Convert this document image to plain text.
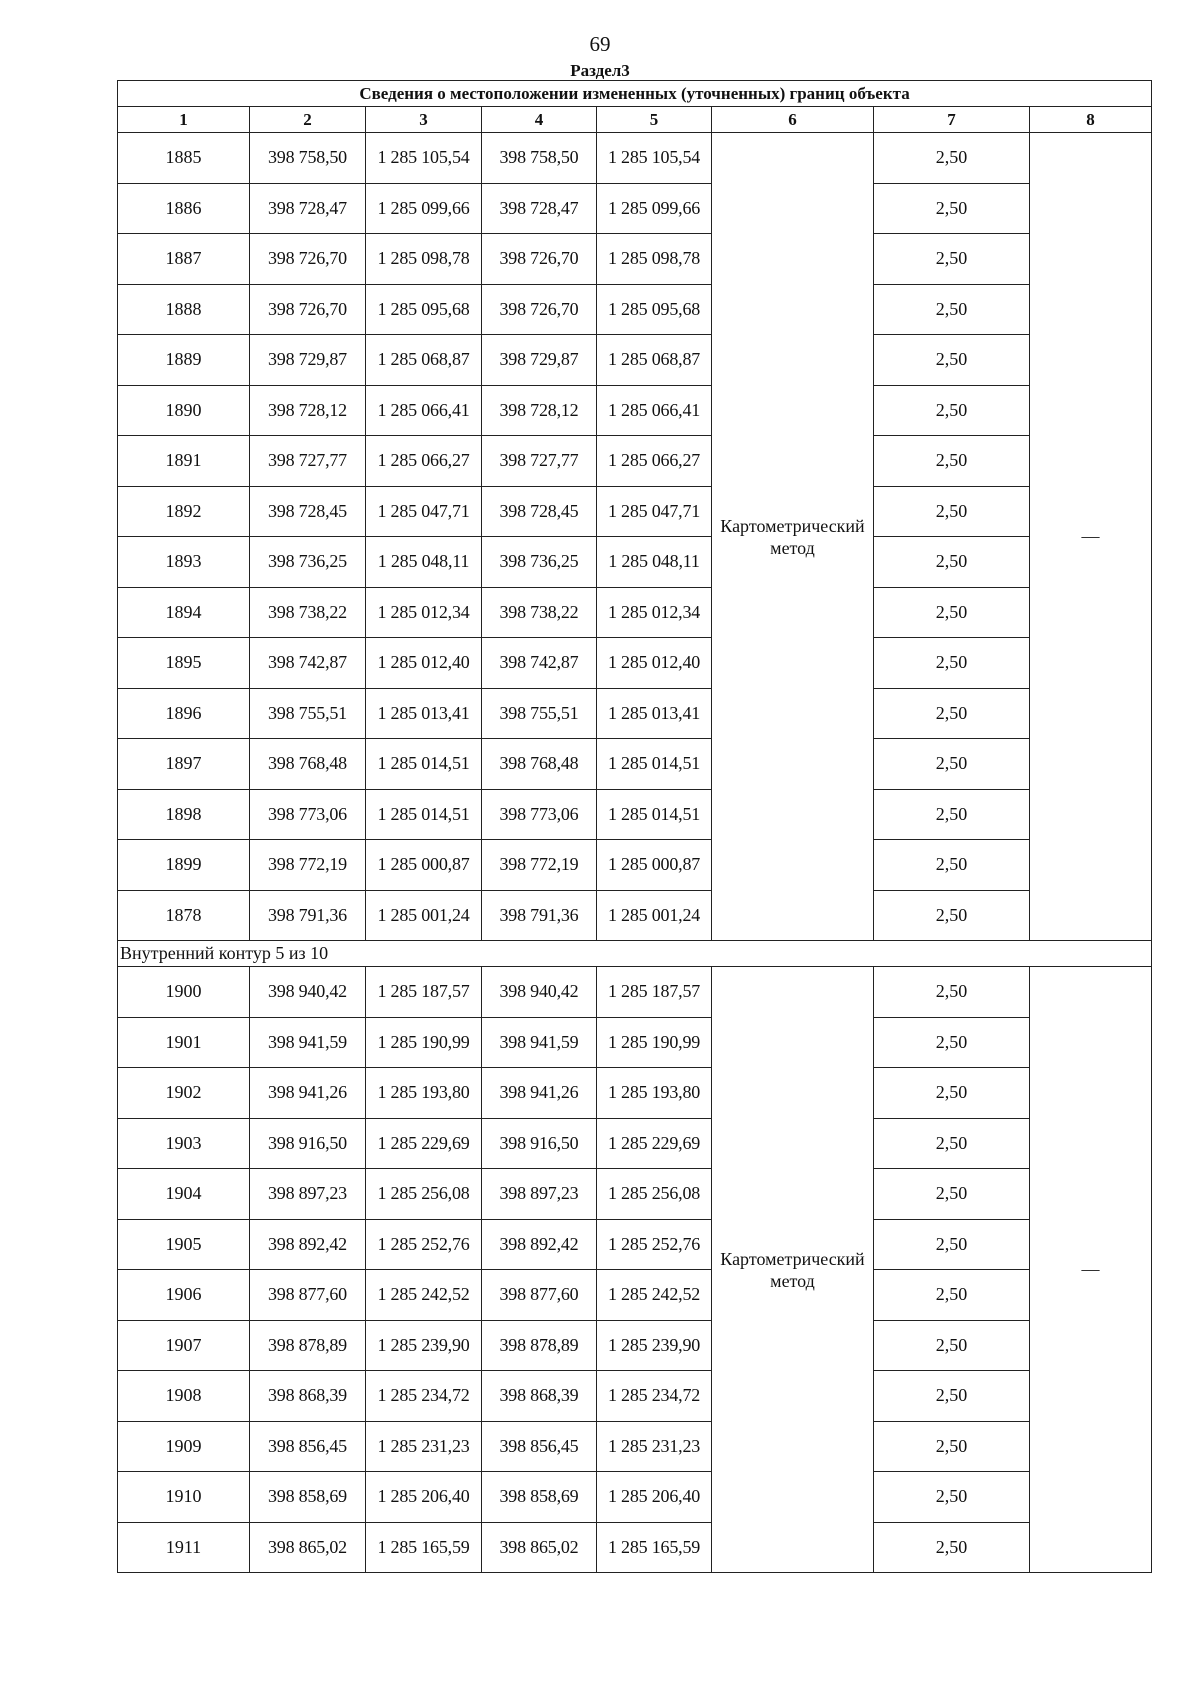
69
Раздел3
Сведения о местоположении измененных (уточненных) границ объекта							
1	2	3	4	5	6	7	8
1885	398 758,50	1 285 105,54	398 758,50	1 285 105,54	Картометрический метод	2,50	—
1886	398 728,47	1 285 099,66	398 728,47	1 285 099,66		2,50	
1887	398 726,70	1 285 098,78	398 726,70	1 285 098,78		2,50	
1888	398 726,70	1 285 095,68	398 726,70	1 285 095,68		2,50	
1889	398 729,87	1 285 068,87	398 729,87	1 285 068,87		2,50	
1890	398 728,12	1 285 066,41	398 728,12	1 285 066,41		2,50	
1891	398 727,77	1 285 066,27	398 727,77	1 285 066,27		2,50	
1892	398 728,45	1 285 047,71	398 728,45	1 285 047,71		2,50	
1893	398 736,25	1 285 048,11	398 736,25	1 285 048,11		2,50	
1894	398 738,22	1 285 012,34	398 738,22	1 285 012,34		2,50	
1895	398 742,87	1 285 012,40	398 742,87	1 285 012,40		2,50	
1896	398 755,51	1 285 013,41	398 755,51	1 285 013,41		2,50	
1897	398 768,48	1 285 014,51	398 768,48	1 285 014,51		2,50	
1898	398 773,06	1 285 014,51	398 773,06	1 285 014,51		2,50	
1899	398 772,19	1 285 000,87	398 772,19	1 285 000,87		2,50	
1878	398 791,36	1 285 001,24	398 791,36	1 285 001,24		2,50	
Внутренний контур 5 из 10							
1900	398 940,42	1 285 187,57	398 940,42	1 285 187,57	Картометрический метод	2,50	—
1901	398 941,59	1 285 190,99	398 941,59	1 285 190,99		2,50	
1902	398 941,26	1 285 193,80	398 941,26	1 285 193,80		2,50	
1903	398 916,50	1 285 229,69	398 916,50	1 285 229,69		2,50	
1904	398 897,23	1 285 256,08	398 897,23	1 285 256,08		2,50	
1905	398 892,42	1 285 252,76	398 892,42	1 285 252,76		2,50	
1906	398 877,60	1 285 242,52	398 877,60	1 285 242,52		2,50	
1907	398 878,89	1 285 239,90	398 878,89	1 285 239,90		2,50	
1908	398 868,39	1 285 234,72	398 868,39	1 285 234,72		2,50	
1909	398 856,45	1 285 231,23	398 856,45	1 285 231,23		2,50	
1910	398 858,69	1 285 206,40	398 858,69	1 285 206,40		2,50	
1911	398 865,02	1 285 165,59	398 865,02	1 285 165,59		2,50	
